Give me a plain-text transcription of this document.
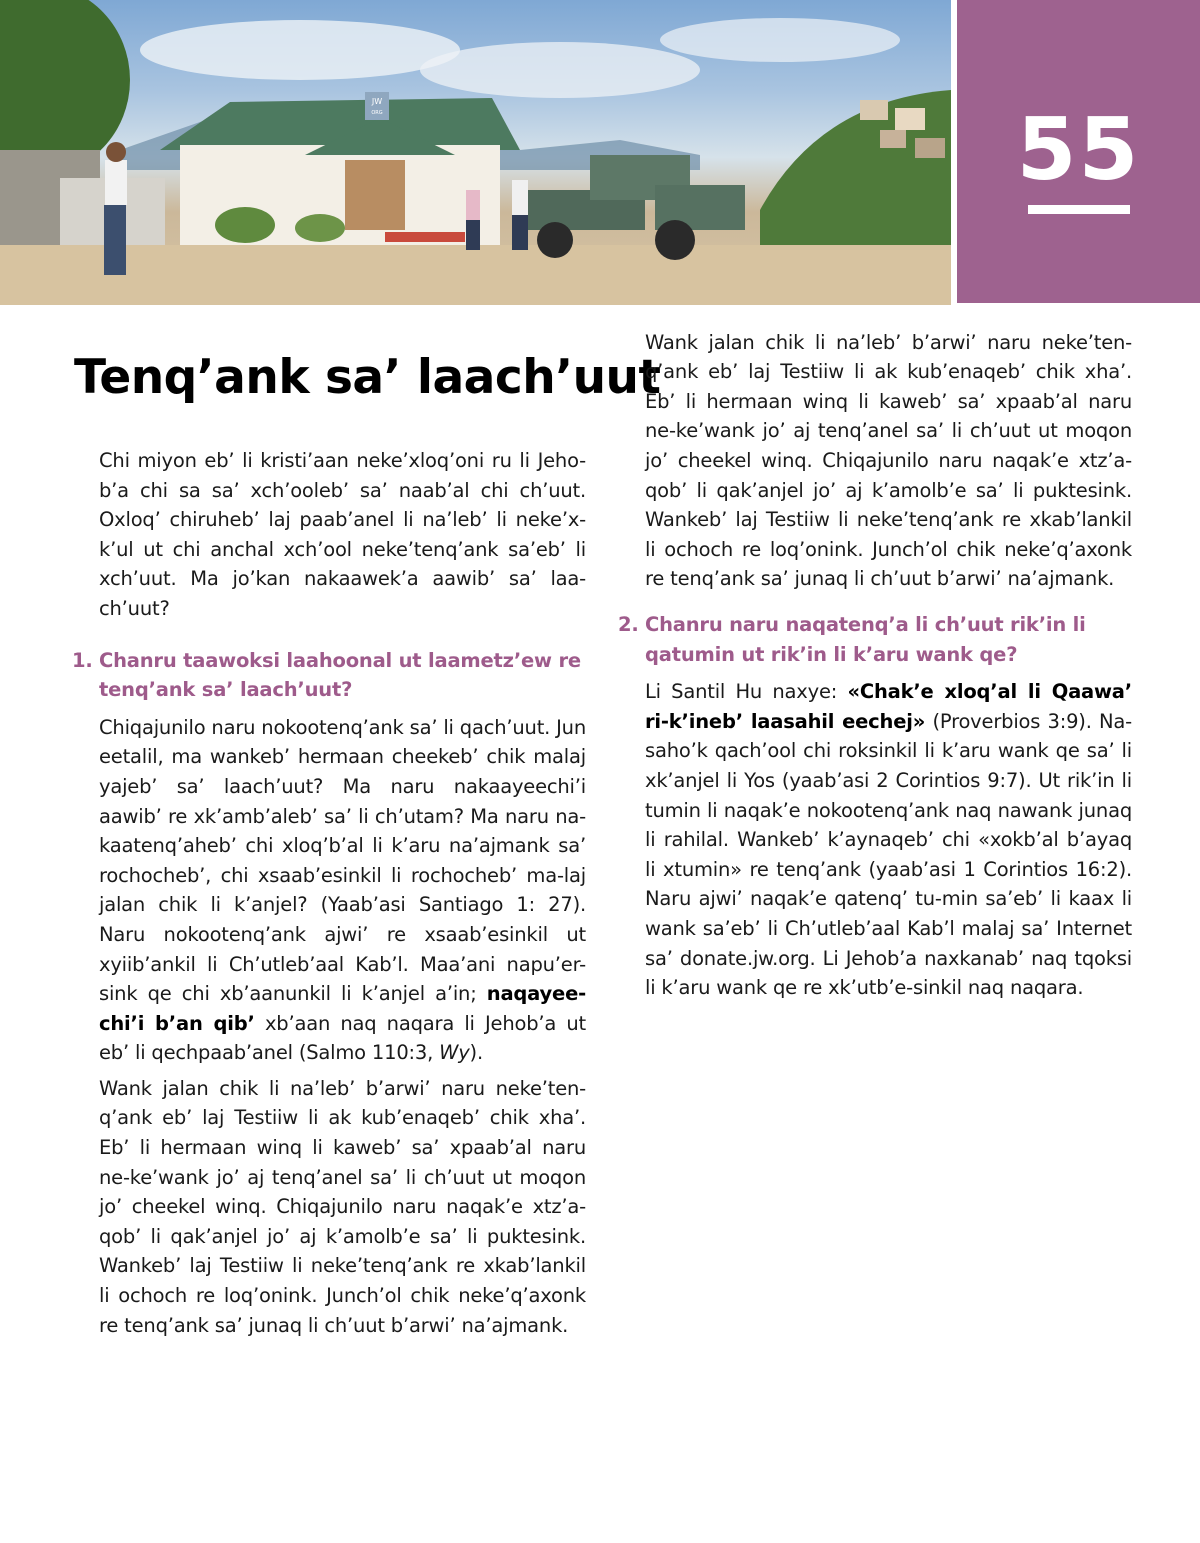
JW
ORG	55
Tenq’ank sa’ laach’uut

Chi miyon eb’ li kristi’aan neke’xloq’oni ru li Jeho-b’a chi sa sa’ xch’ooleb’ sa’ naab’al chi ch’uut. Oxloq’ chiruheb’ laj paab’anel li na’leb’ li neke’x-k’ul ut chi anchal xch’ool neke’tenq’ank sa’eb’ li xch’uut. Ma jo’kan nakaawek’a aawib’ sa’ laa-ch’uut?

1. Chanru taawoksi laahoonal ut laametz’ew re tenq’ank sa’ laach’uut?

Chiqajunilo naru nokootenq’ank sa’ li qach’uut. Jun eetalil, ma wankeb’ hermaan cheekeb’ chik malaj yajeb’ sa’ laach’uut? Ma naru nakaayeechi’i aawib’ re xk’amb’aleb’ sa’ li ch’utam? Ma naru na-kaatenq’aheb’ chi xloq’b’al li k’aru na’ajmank sa’ rochocheb’, chi xsaab’esinkil li rochocheb’ ma-laj jalan chik li k’anjel? (Yaab’asi Santiago 1: 27). Naru nokootenq’ank ajwi’ re xsaab’esinkil ut xyiib’ankil li Ch’utleb’aal Kab’l. Maa’ani napu’er-sink qe chi xb’aanunkil li k’anjel a’in; naqayee-chi’i b’an qib’ xb’aan naq naqara li Jehob’a ut eb’ li qechpaab’anel (Salmo 110:3, Wy).

Wank jalan chik li na’leb’ b’arwi’ naru neke’ten-q’ank eb’ laj Testiiw li ak kub’enaqeb’ chik xha’. Eb’ li hermaan winq li kaweb’ sa’ xpaab’al naru ne-ke’wank jo’ aj tenq’anel sa’ li ch’uut ut moqon jo’ cheekel winq. Chiqajunilo naru naqak’e xtz’a-qob’ li qak’anjel jo’ aj k’amolb’e sa’ li puktesink. Wankeb’ laj Testiiw li neke’tenq’ank re xkab’lankil li ochoch re loq’onink. Junch’ol chik neke’q’axonk re tenq’ank sa’ junaq li ch’uut b’arwi’ na’ajmank.

Wank jalan chik li na’leb’ b’arwi’ naru neke’ten-q’ank eb’ laj Testiiw li ak kub’enaqeb’ chik xha’. Eb’ li hermaan winq li kaweb’ sa’ xpaab’al naru ne-ke’wank jo’ aj tenq’anel sa’ li ch’uut ut moqon jo’ cheekel winq. Chiqajunilo naru naqak’e xtz’a-qob’ li qak’anjel jo’ aj k’amolb’e sa’ li puktesink. Wankeb’ laj Testiiw li neke’tenq’ank re xkab’lankil li ochoch re loq’onink. Junch’ol chik neke’q’axonk re tenq’ank sa’ junaq li ch’uut b’arwi’ na’ajmank.

2. Chanru naru naqatenq’a li ch’uut rik’in li qatumin ut rik’in li k’aru wank qe?

Li Santil Hu naxye: «Chak’e xloq’al li Qaawa’ ri-k’ineb’ laasahil eechej» (Proverbios 3:9). Na-saho’k qach’ool chi roksinkil li k’aru wank qe sa’ li xk’anjel li Yos (yaab’asi 2 Corintios 9:7). Ut rik’in li tumin li naqak’e nokootenq’ank naq nawank junaq li rahilal. Wankeb’ k’aynaqeb’ chi «xokb’al b’ayaq li xtumin» re tenq’ank (yaab’asi 1 Corintios 16:2). Naru ajwi’ naqak’e qatenq’ tu-min sa’eb’ li kaax li wank sa’eb’ li Ch’utleb’aal Kab’l malaj sa’ Internet sa’ donate.jw.org. Li Jehob’a naxkanab’ naq tqoksi li k’aru wank qe re xk’utb’e-sinkil naq naqara.
